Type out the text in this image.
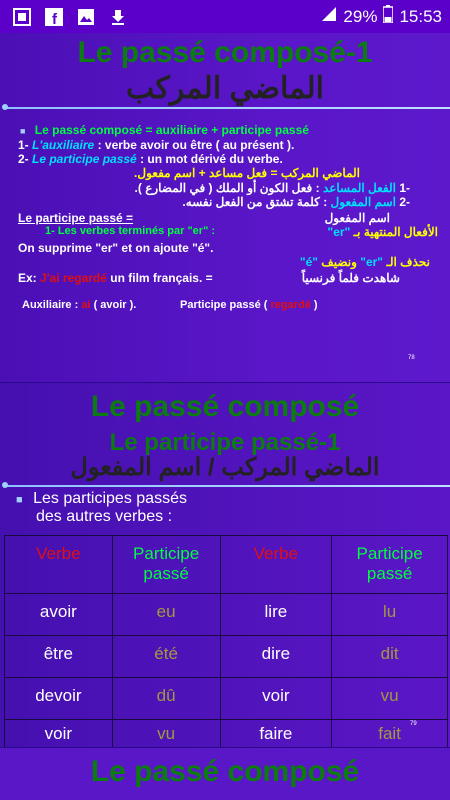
f	29% 15:53
Le passé composé-1
الماضي المركب
■ Le passé composé = auxiliaire + participe passé
1- L'auxiliaire : verbe avoir ou être ( au présent ).
2- Le participe passé : un mot dérivé du verbe.
الماضي المركب = فعل مساعد + اسم مفعول.
-1 الفعل المساعد : فعل الكون أو الملك ( في المضارع ).
-2 اسم المفعول : كلمة تشتق من الفعل نفسه.
Le participe passé =	اسم المفعول
1- Les verbes terminés par "er" :	الأفعال المنتهية بـ "er"
On supprime "er" et on ajoute "é".
نحذف الـ "er" ونضيف "é"
Ex: J'ai regardé un film français. =	شاهدت فلماً فرنسياً
Auxiliaire : ai ( avoir ).	Participe passé ( regardé )
78
Le passé composé
Le participe passé-1
الماضي المركب / اسم المفعول
■ Les participes passés
des autres verbes :
Verbe	Participe passé	Verbe	Participe passé
avoir	eu	lire	lu
être	été	dire	dit
devoir	dû	voir	vu
voir	vu	faire	fait 79
Le passé composé
